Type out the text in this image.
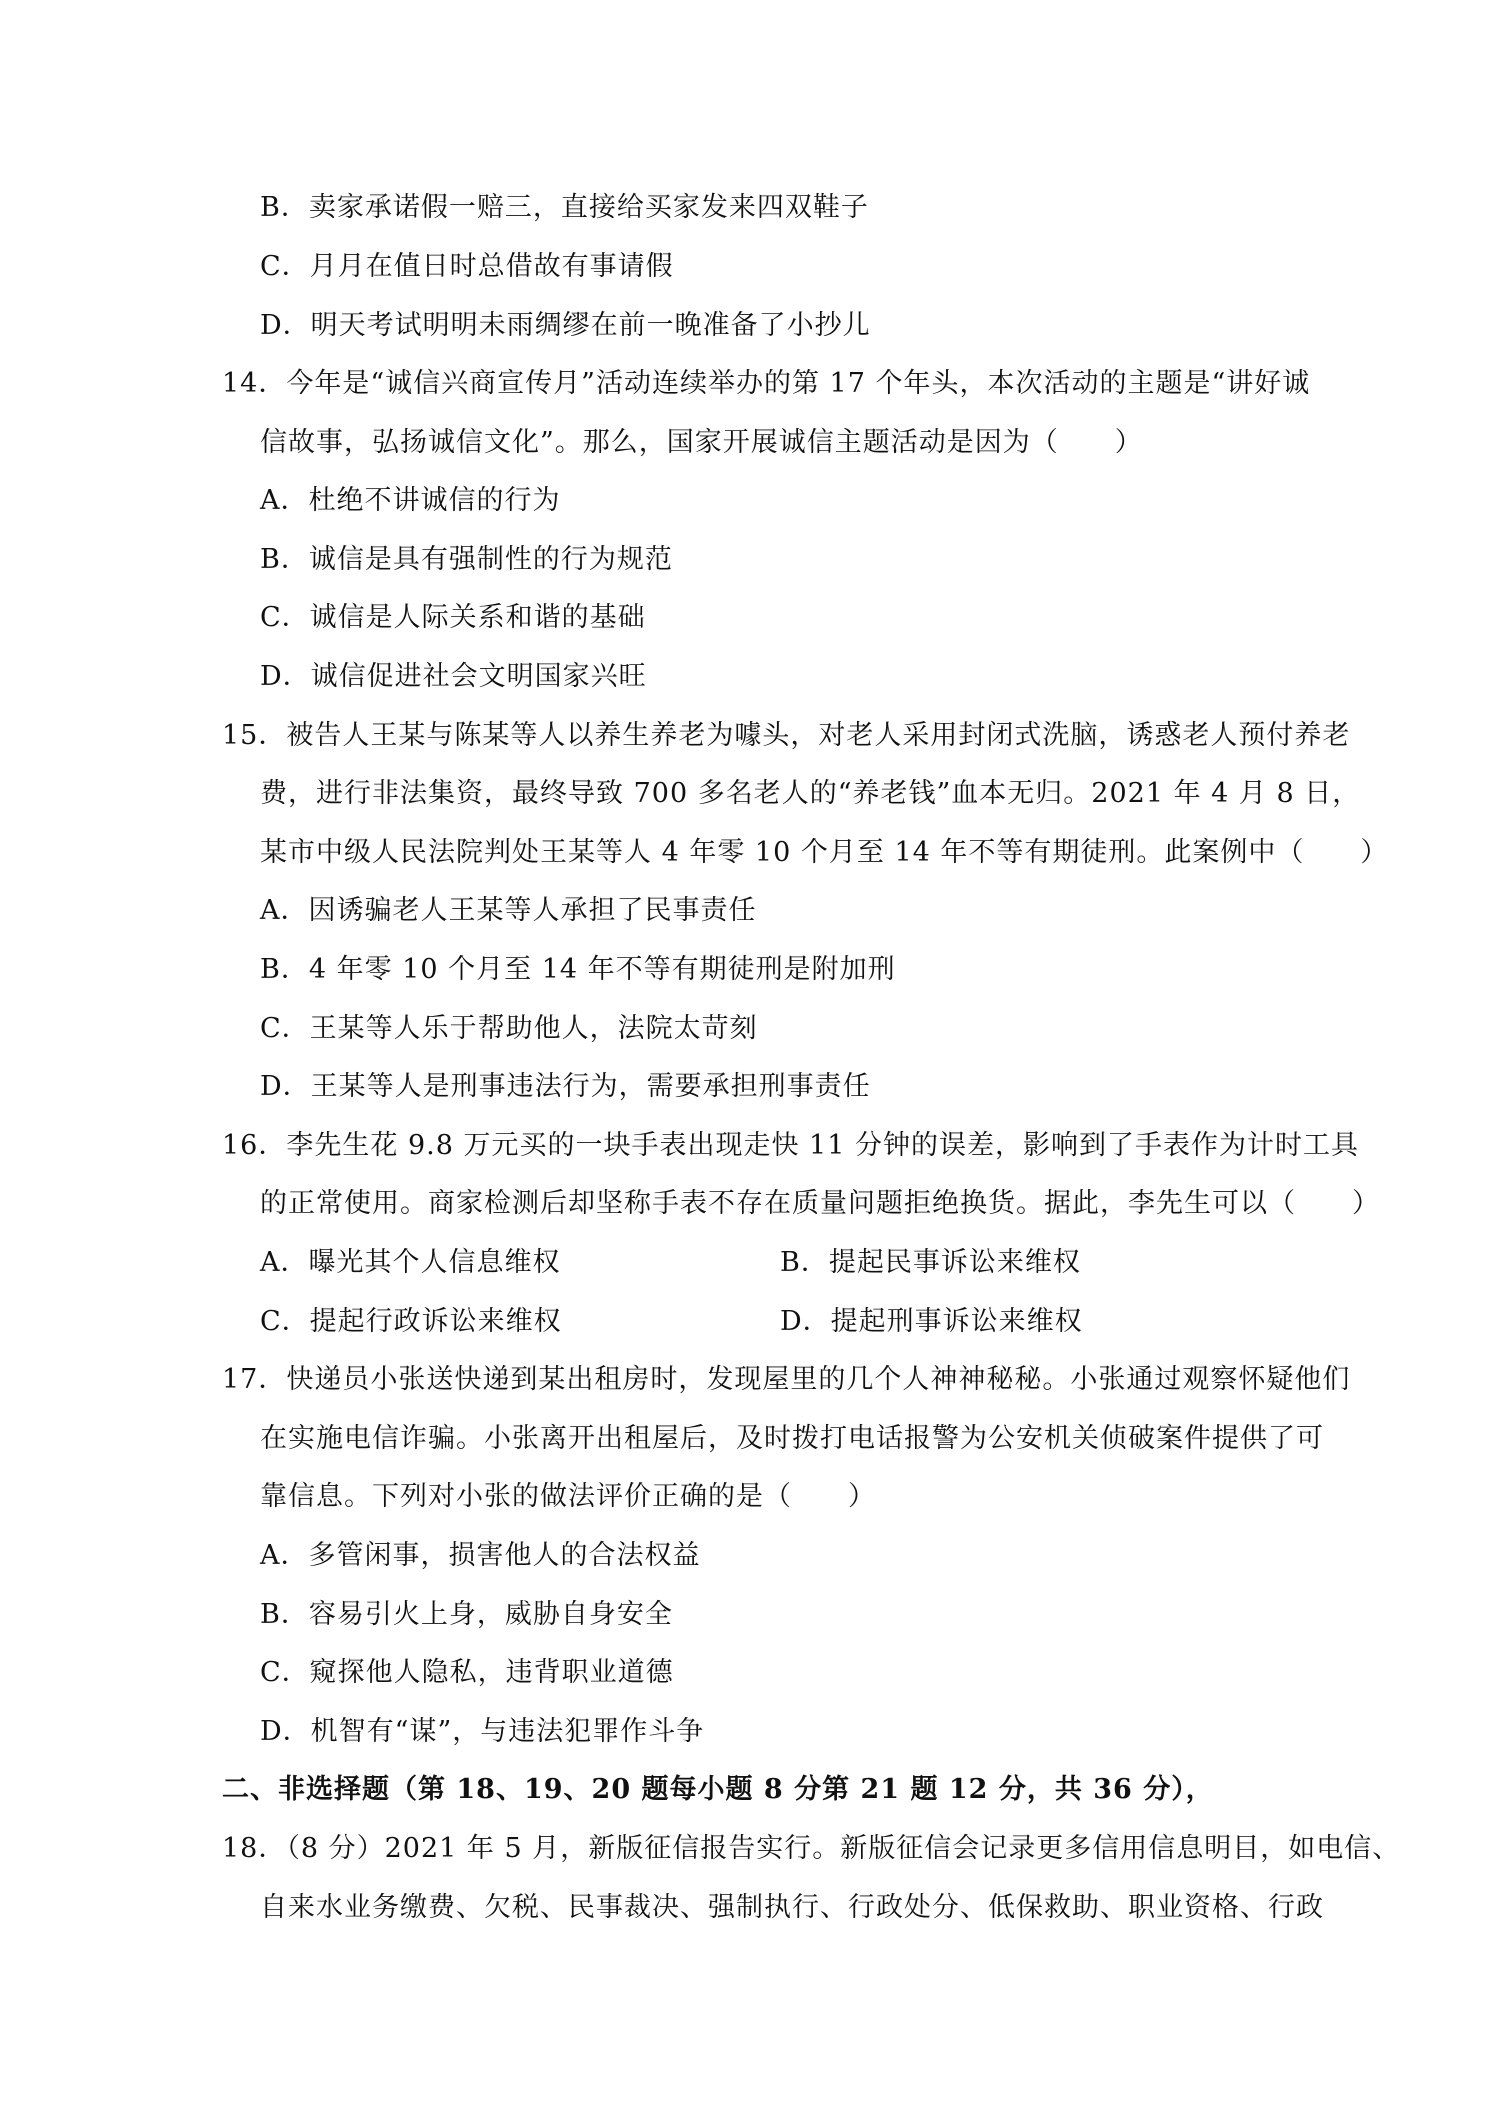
B．卖家承诺假一赔三，直接给买家发来四双鞋子
C．月月在值日时总借故有事请假
D．明天考试明明未雨绸缪在前一晚准备了小抄儿
14．今年是“诚信兴商宣传月”活动连续举办的第 17 个年头，本次活动的主题是“讲好诚
信故事，弘扬诚信文化”。那么，国家开展诚信主题活动是因为（　　）
A．杜绝不讲诚信的行为
B．诚信是具有强制性的行为规范
C．诚信是人际关系和谐的基础
D．诚信促进社会文明国家兴旺
15．被告人王某与陈某等人以养生养老为噱头，对老人采用封闭式洗脑，诱惑老人预付养老
费，进行非法集资，最终导致 700 多名老人的“养老钱”血本无归。2021 年 4 月 8 日，
某市中级人民法院判处王某等人 4 年零 10 个月至 14 年不等有期徒刑。此案例中（　　）
A．因诱骗老人王某等人承担了民事责任
B．4 年零 10 个月至 14 年不等有期徒刑是附加刑
C．王某等人乐于帮助他人，法院太苛刻
D．王某等人是刑事违法行为，需要承担刑事责任
16．李先生花 9.8 万元买的一块手表出现走快 11 分钟的误差，影响到了手表作为计时工具
的正常使用。商家检测后却坚称手表不存在质量问题拒绝换货。据此，李先生可以（　　）
A．曝光其个人信息维权	B．提起民事诉讼来维权
C．提起行政诉讼来维权	D．提起刑事诉讼来维权
17．快递员小张送快递到某出租房时，发现屋里的几个人神神秘秘。小张通过观察怀疑他们
在实施电信诈骗。小张离开出租屋后，及时拨打电话报警为公安机关侦破案件提供了可
靠信息。下列对小张的做法评价正确的是（　　）
A．多管闲事，损害他人的合法权益
B．容易引火上身，威胁自身安全
C．窥探他人隐私，违背职业道德
D．机智有“谋”，与违法犯罪作斗争
二、非选择题（第 18、19、20 题每小题 8 分第 21 题 12 分，共 36 分），
18．（8 分）2021 年 5 月，新版征信报告实行。新版征信会记录更多信用信息明目，如电信、
自来水业务缴费、欠税、民事裁决、强制执行、行政处分、低保救助、职业资格、行政
